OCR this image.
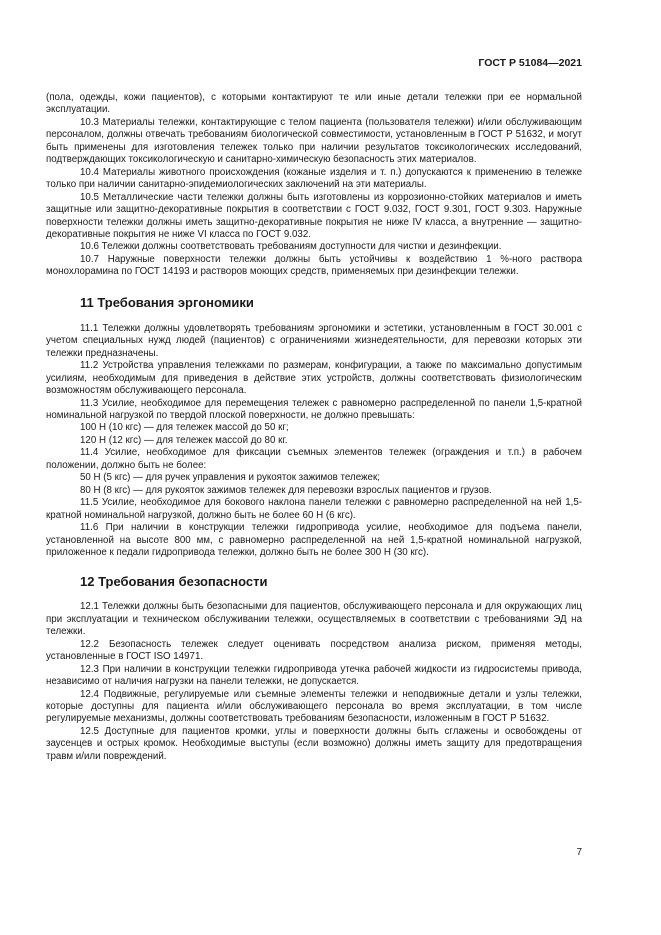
ГОСТ Р 51084—2021

(пола, одежды, кожи пациентов), с которыми контактируют те или иные детали тележки при ее нормальной эксплуатации.

10.3 Материалы тележки, контактирующие с телом пациента (пользователя тележки) и/или обслуживающим персоналом, должны отвечать требованиям биологической совместимости, установленным в ГОСТ Р 51632, и могут быть применены для изготовления тележек только при наличии результатов токсикологических исследований, подтверждающих токсикологическую и санитарно-химическую безопасность этих материалов.

10.4 Материалы животного происхождения (кожаные изделия и т. п.) допускаются к применению в тележке только при наличии санитарно-эпидемиологических заключений на эти материалы.

10.5 Металлические части тележки должны быть изготовлены из коррозионно-стойких материалов и иметь защитные или защитно-декоративные покрытия в соответствии с ГОСТ 9.032, ГОСТ 9.301, ГОСТ 9.303. Наружные поверхности тележки должны иметь защитно-декоративные покрытия не ниже IV класса, а внутренние — защитно-декоративные покрытия не ниже VI класса по ГОСТ 9.032.

10.6 Тележки должны соответствовать требованиям доступности для чистки и дезинфекции.

10.7 Наружные поверхности тележки должны быть устойчивы к воздействию 1 %-ного раствора монохлорамина по ГОСТ 14193 и растворов моющих средств, применяемых при дезинфекции тележки.

11 Требования эргономики

11.1 Тележки должны удовлетворять требованиям эргономики и эстетики, установленным в ГОСТ 30.001 с учетом специальных нужд людей (пациентов) с ограничениями жизнедеятельности, для перевозки которых эти тележки предназначены.

11.2 Устройства управления тележками по размерам, конфигурации, а также по максимально допустимым усилиям, необходимым для приведения в действие этих устройств, должны соответствовать физиологическим возможностям обслуживающего персонала.

11.3 Усилие, необходимое для перемещения тележек с равномерно распределенной по панели 1,5-кратной номинальной нагрузкой по твердой плоской поверхности, не должно превышать:

100 Н (10 кгс) — для тележек массой до 50 кг;

120 Н (12 кгс) — для тележек массой до 80 кг.

11.4 Усилие, необходимое для фиксации съемных элементов тележек (ограждения и т.п.) в рабочем положении, должно быть не более:

50 Н (5 кгс) — для ручек управления и рукояток зажимов тележек;

80 Н (8 кгс) — для рукояток зажимов тележек для перевозки взрослых пациентов и грузов.

11.5 Усилие, необходимое для бокового наклона панели тележки с равномерно распределенной на ней 1,5-кратной номинальной нагрузкой, должно быть не более 60 Н (6 кгс).

11.6 При наличии в конструкции тележки гидропривода усилие, необходимое для подъема панели, установленной на высоте 800 мм, с равномерно распределенной на ней 1,5-кратной номинальной нагрузкой, приложенное к педали гидропривода тележки, должно быть не более 300 Н (30 кгс).

12 Требования безопасности

12.1 Тележки должны быть безопасными для пациентов, обслуживающего персонала и для окружающих лиц при эксплуатации и техническом обслуживании тележки, осуществляемых в соответствии с требованиями ЭД на тележки.

12.2 Безопасность тележек следует оценивать посредством анализа риском, применяя методы, установленные в ГОСТ ISO 14971.

12.3 При наличии в конструкции тележки гидропривода утечка рабочей жидкости из гидросистемы привода, независимо от наличия нагрузки на панели тележки, не допускается.

12.4 Подвижные, регулируемые или съемные элементы тележки и неподвижные детали и узлы тележки, которые доступны для пациента и/или обслуживающего персонала во время эксплуатации, в том числе регулируемые механизмы, должны соответствовать требованиям безопасности, изложенным в ГОСТ Р 51632.

12.5 Доступные для пациентов кромки, углы и поверхности должны быть сглажены и освобождены от заусенцев и острых кромок. Необходимые выступы (если возможно) должны иметь защиту для предотвращения травм и/или повреждений.

7
